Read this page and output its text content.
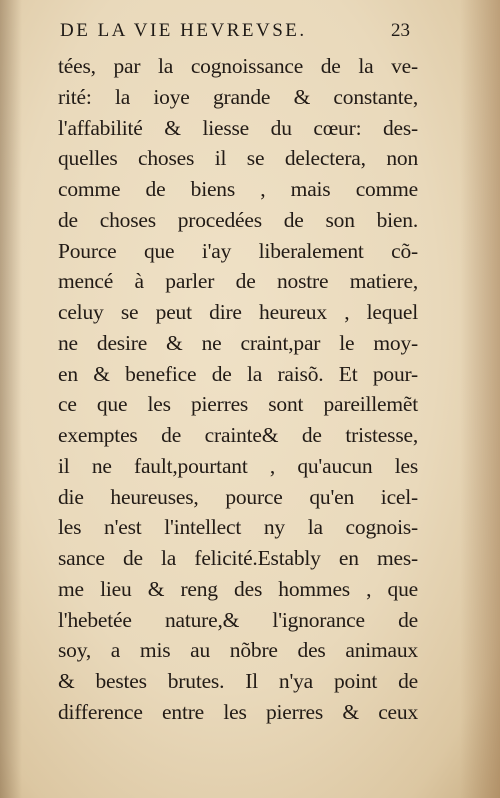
DE LA VIE HEVREVSE.	23
tées, par la cognoissance de la ve-
rité: la ioye grande & constante,
l'affabilité & liesse du cœur: des-
quelles choses il se delectera, non
comme de biens , mais comme
de choses procedées de son bien.
Pource que i'ay liberalement cõ-
mencé à parler de nostre matiere,
celuy se peut dire heureux , lequel
ne desire & ne craint,par le moy-
en & benefice de la raisõ. Et pour-
ce que les pierres sont pareillemẽt
exemptes de crainte& de tristesse,
il ne fault,pourtant , qu'aucun les
die heureuses, pource qu'en icel-
les n'est l'intellect ny la cognois-
sance de la felicité.Estably en mes-
me lieu & reng des hommes , que
l'hebetée nature,& l'ignorance de
soy, a mis au nõbre des animaux
& bestes brutes. Il n'ya point de
difference entre les pierres & ceux
